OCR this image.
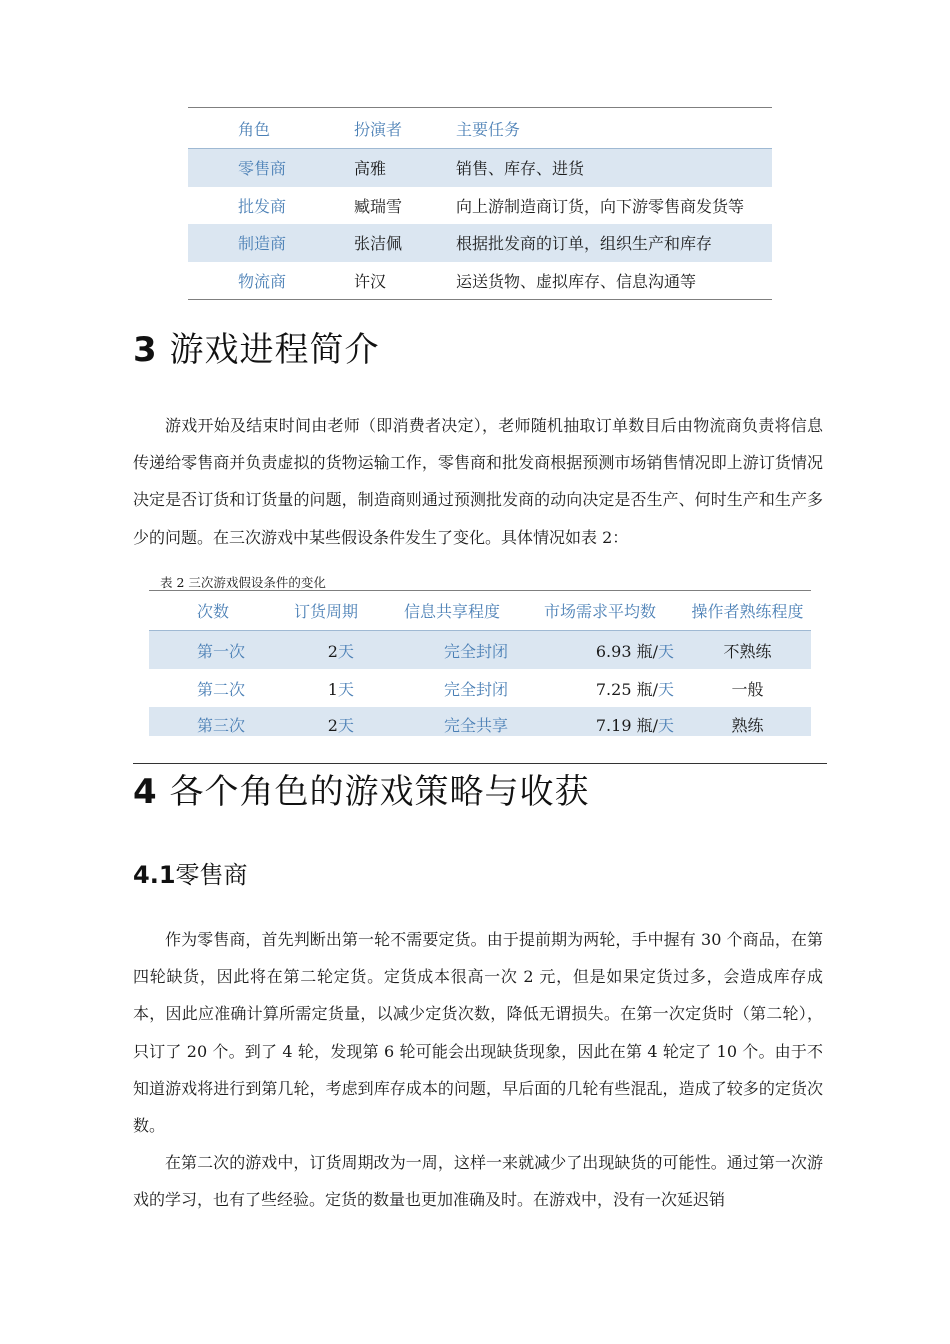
角色	扮演者	主要任务
零售商	高雅	销售、库存、进货
批发商	臧瑞雪	向上游制造商订货，向下游零售商发货等
制造商	张洁佩	根据批发商的订单，组织生产和库存
物流商	许汉	运送货物、虚拟库存、信息沟通等
3 游戏进程简介

游戏开始及结束时间由老师（即消费者决定），老师随机抽取订单数目后由物流商负责将信息传递给零售商并负责虚拟的货物运输工作，零售商和批发商根据预测市场销售情况即上游订货情况决定是否订货和订货量的问题，制造商则通过预测批发商的动向决定是否生产、何时生产和生产多少的问题。在三次游戏中某些假设条件发生了变化。具体情况如表 2：

表 2 三次游戏假设条件的变化
次数	订货周期	信息共享程度	市场需求平均数	操作者熟练程度
第一次	2天	完全封闭	6.93 瓶/天	不熟练
第二次	1天	完全封闭	7.25 瓶/天	一般
第三次	2天	完全共享	7.19 瓶/天	熟练
4 各个角色的游戏策略与收获
4.1零售商

作为零售商，首先判断出第一轮不需要定货。由于提前期为两轮，手中握有 30 个商品，在第四轮缺货，因此将在第二轮定货。定货成本很高一次 2 元，但是如果定货过多，会造成库存成本，因此应准确计算所需定货量，以减少定货次数，降低无谓损失。在第一次定货时（第二轮），只订了 20 个。到了 4 轮，发现第 6 轮可能会出现缺货现象，因此在第 4 轮定了 10 个。由于不知道游戏将进行到第几轮，考虑到库存成本的问题，早后面的几轮有些混乱，造成了较多的定货次数。

在第二次的游戏中，订货周期改为一周，这样一来就减少了出现缺货的可能性。通过第一次游戏的学习，也有了些经验。定货的数量也更加准确及时。在游戏中，没有一次延迟销
